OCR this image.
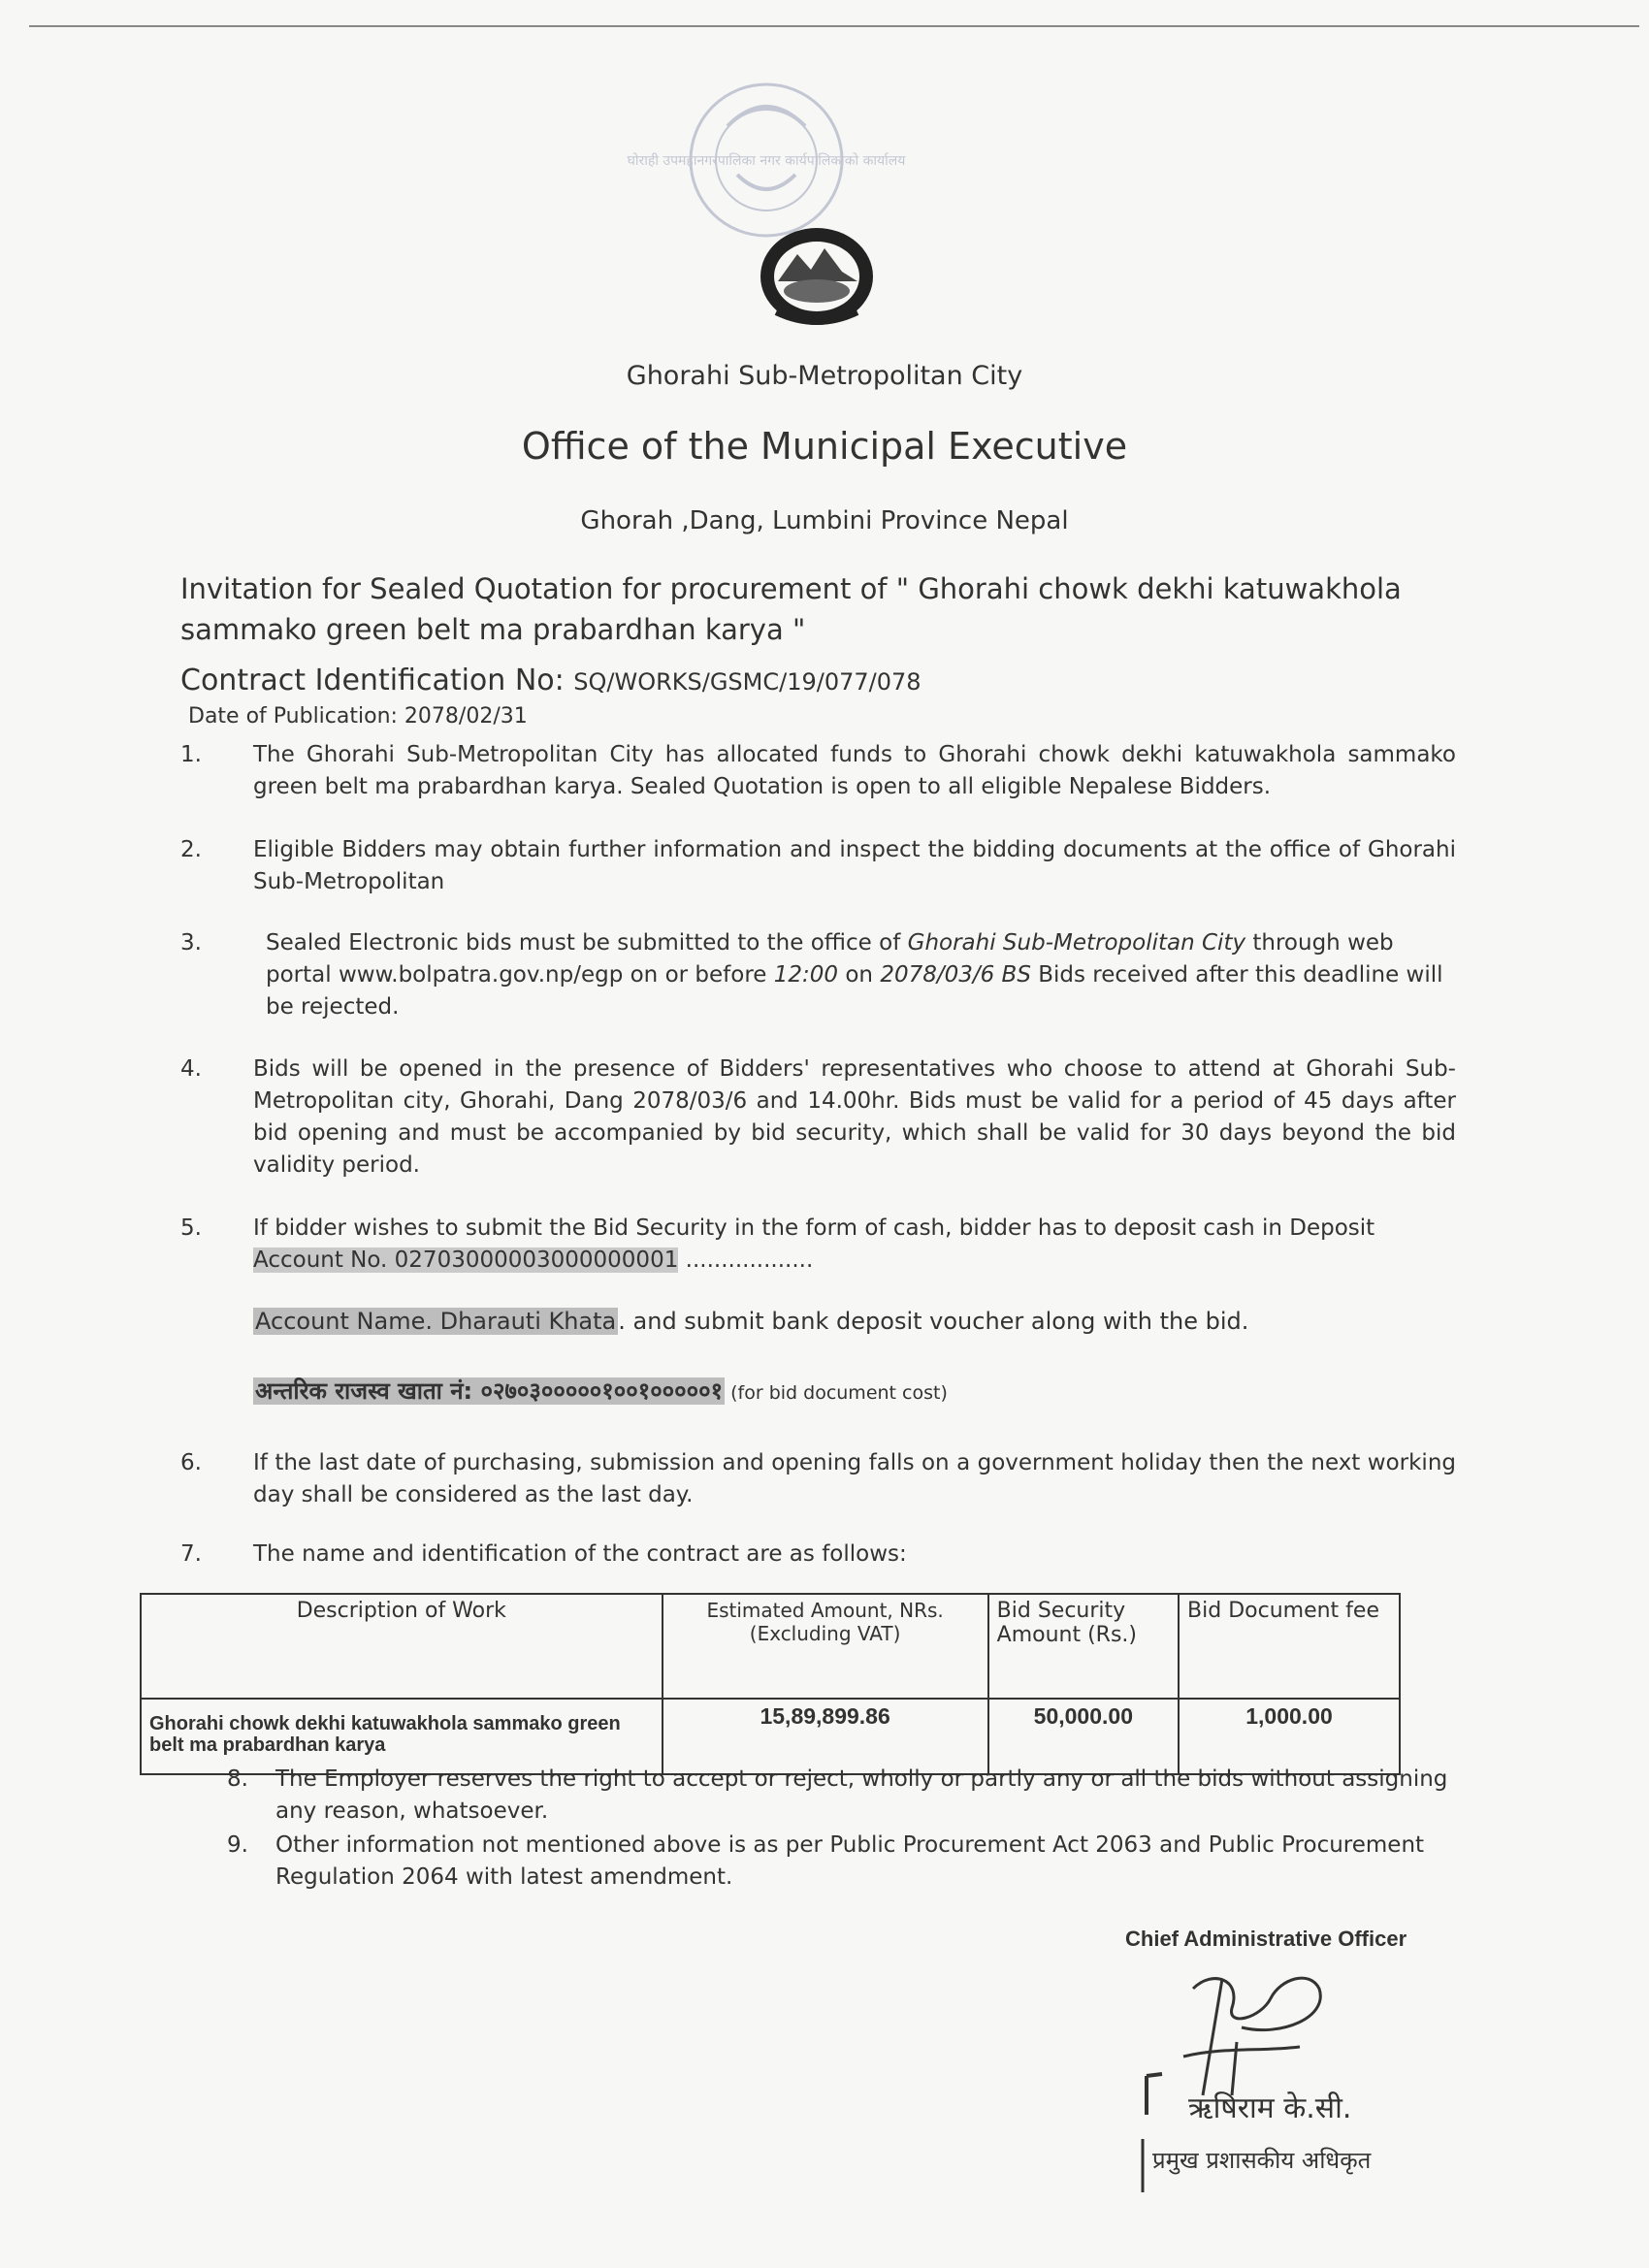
घोराही उपमहानगरपालिका नगर कार्यपालिकाको कार्यालय
Ghorahi Sub-Metropolitan City
Office of the Municipal Executive
Ghorah ,Dang, Lumbini Province Nepal
Invitation for Sealed Quotation for procurement of " Ghorahi chowk dekhi katuwakhola sammako green belt ma prabardhan karya "
Contract Identification No: SQ/WORKS/GSMC/19/077/078
Date of Publication: 2078/02/31
1. The Ghorahi Sub-Metropolitan City has allocated funds to Ghorahi chowk dekhi katuwakhola sammako green belt ma prabardhan karya. Sealed Quotation is open to all eligible Nepalese Bidders.
2. Eligible Bidders may obtain further information and inspect the bidding documents at the office of Ghorahi Sub-Metropolitan
3.	Sealed Electronic bids must be submitted to the office of Ghorahi Sub-Metropolitan City through web portal www.bolpatra.gov.np/egp on or before 12:00 on 2078/03/6 BS Bids received after this deadline will be rejected.
4. Bids will be opened in the presence of Bidders' representatives who choose to attend at Ghorahi Sub-Metropolitan city, Ghorahi, Dang 2078/03/6 and 14.00hr. Bids must be valid for a period of 45 days after bid opening and must be accompanied by bid security, which shall be valid for 30 days beyond the bid validity period.
5. If bidder wishes to submit the Bid Security in the form of cash, bidder has to deposit cash in Deposit Account No. 02703000003000000001 ..................
Account Name. Dharauti Khata. and submit bank deposit voucher along with the bid.
अन्तरिक राजस्व खाता नं: ०२७०३०००००१००१०००००१ (for bid document cost)
6. If the last date of purchasing, submission and opening falls on a government holiday then the next working day shall be considered as the last day.
7. The name and identification of the contract are as follows:
Description of Work	Estimated Amount, NRs.(Excluding VAT)	Bid Security Amount (Rs.)	Bid Document fee
Ghorahi chowk dekhi katuwakhola sammako green belt ma prabardhan karya	15,89,899.86	50,000.00	1,000.00
8. The Employer reserves the right to accept or reject, wholly or partly any or all the bids without assigning any reason, whatsoever.
9. Other information not mentioned above is as per Public Procurement Act 2063 and Public Procurement Regulation 2064 with latest amendment.
Chief Administrative Officer
ऋषिराम के.सी.
प्रमुख प्रशासकीय अधिकृत
